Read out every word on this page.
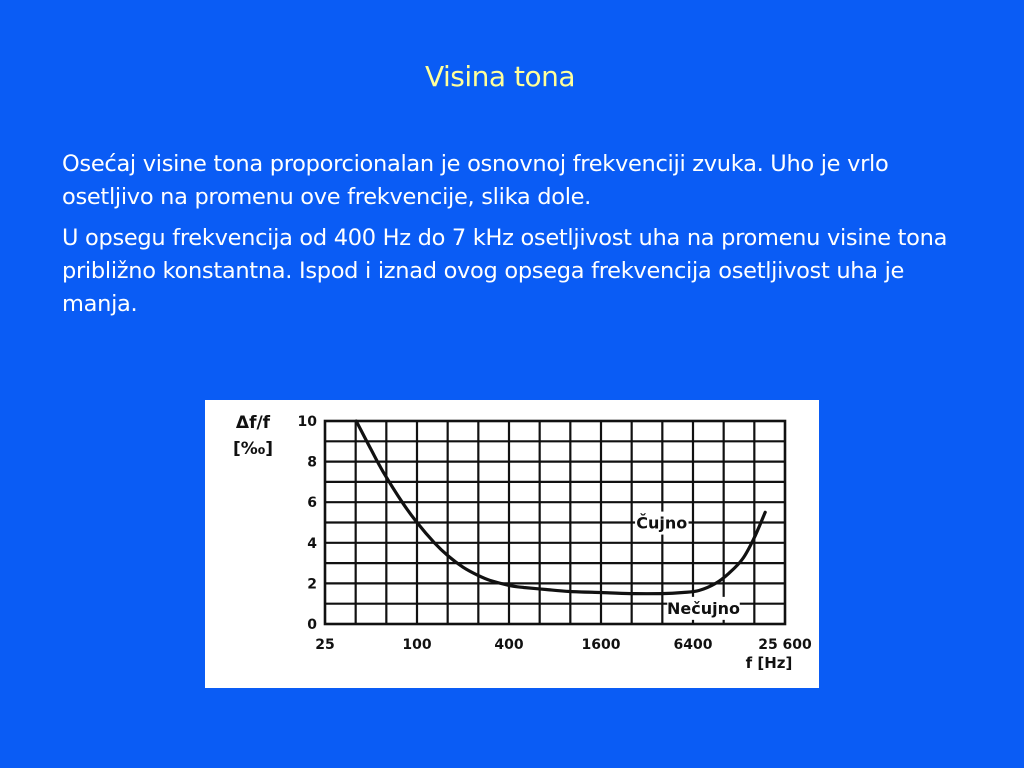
Visina tona

Osećaj visine tona proporcionalan je osnovnoj frekvenciji zvuka. Uho je vrlo osetljivo na promenu ove frekvencije, slika dole.

U opsegu frekvencija od 400 Hz do 7 kHz osetljivost uha na promenu visine tona približno konstantna. Ispod i iznad ovog opsega frekvencija osetljivost uha je manja.

0
2
4
6
8
10
25	100	400	1600	6400	25 600
Δf/f
[‰]
f [Hz]
Čujno
Nečujno
